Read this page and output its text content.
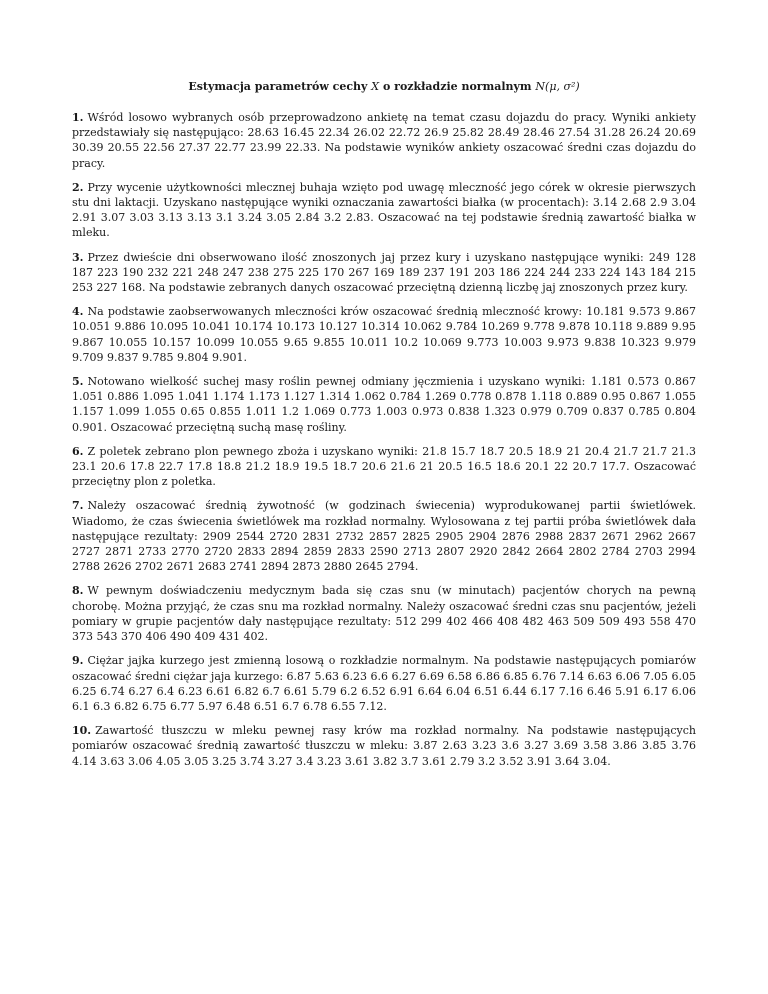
Estymacja parametrów cechy X o rozkładzie normalnym N(μ, σ²)

1. Wśród losowo wybranych osób przeprowadzono ankietę na temat czasu dojazdu do pracy. Wyniki ankiety przedstawiały się następująco: 28.63 16.45 22.34 26.02 22.72 26.9 25.82 28.49 28.46 27.54 31.28 26.24 20.69 30.39 20.55 22.56 27.37 22.77 23.99 22.33. Na podstawie wyników ankiety oszacować średni czas dojazdu do pracy.

2. Przy wycenie użytkowności mlecznej buhaja wzięto pod uwagę mleczność jego córek w okresie pierwszych stu dni laktacji. Uzyskano następujące wyniki oznaczania zawartości białka (w procentach): 3.14 2.68 2.9 3.04 2.91 3.07 3.03 3.13 3.13 3.1 3.24 3.05 2.84 3.2 2.83. Oszacować na tej podstawie średnią zawartość białka w mleku.

3. Przez dwieście dni obserwowano ilość znoszonych jaj przez kury i uzyskano następujące wyniki: 249 128 187 223 190 232 221 248 247 238 275 225 170 267 169 189 237 191 203 186 224 244 233 224 143 184 215 253 227 168. Na podstawie zebranych danych oszacować przeciętną dzienną liczbę jaj znoszonych przez kury.

4. Na podstawie zaobserwowanych mleczności krów oszacować średnią mleczność krowy: 10.181 9.573 9.867 10.051 9.886 10.095 10.041 10.174 10.173 10.127 10.314 10.062 9.784 10.269 9.778 9.878 10.118 9.889 9.95 9.867 10.055 10.157 10.099 10.055 9.65 9.855 10.011 10.2 10.069 9.773 10.003 9.973 9.838 10.323 9.979 9.709 9.837 9.785 9.804 9.901.

5. Notowano wielkość suchej masy roślin pewnej odmiany jęczmienia i uzyskano wyniki: 1.181 0.573 0.867 1.051 0.886 1.095 1.041 1.174 1.173 1.127 1.314 1.062 0.784 1.269 0.778 0.878 1.118 0.889 0.95 0.867 1.055 1.157 1.099 1.055 0.65 0.855 1.011 1.2 1.069 0.773 1.003 0.973 0.838 1.323 0.979 0.709 0.837 0.785 0.804 0.901. Oszacować przeciętną suchą masę rośliny.

6. Z poletek zebrano plon pewnego zboża i uzyskano wyniki: 21.8 15.7 18.7 20.5 18.9 21 20.4 21.7 21.7 21.3 23.1 20.6 17.8 22.7 17.8 18.8 21.2 18.9 19.5 18.7 20.6 21.6 21 20.5 16.5 18.6 20.1 22 20.7 17.7. Oszacować przeciętny plon z poletka.

7. Należy oszacować średnią żywotność (w godzinach świecenia) wyprodukowanej partii świetlówek. Wiadomo, że czas świecenia świetlówek ma rozkład normalny. Wylosowana z tej partii próba świetlówek dała następujące rezultaty: 2909 2544 2720 2831 2732 2857 2825 2905 2904 2876 2988 2837 2671 2962 2667 2727 2871 2733 2770 2720 2833 2894 2859 2833 2590 2713 2807 2920 2842 2664 2802 2784 2703 2994 2788 2626 2702 2671 2683 2741 2894 2873 2880 2645 2794.

8. W pewnym doświadczeniu medycznym bada się czas snu (w minutach) pacjentów chorych na pewną chorobę. Można przyjąć, że czas snu ma rozkład normalny. Należy oszacować średni czas snu pacjentów, jeżeli pomiary w grupie pacjentów dały następujące rezultaty: 512 299 402 466 408 482 463 509 509 493 558 470 373 543 370 406 490 409 431 402.

9. Ciężar jajka kurzego jest zmienną losową o rozkładzie normalnym. Na podstawie następujących pomiarów oszacować średni ciężar jaja kurzego: 6.87 5.63 6.23 6.6 6.27 6.69 6.58 6.86 6.85 6.76 7.14 6.63 6.06 7.05 6.05 6.25 6.74 6.27 6.4 6.23 6.61 6.82 6.7 6.61 5.79 6.2 6.52 6.91 6.64 6.04 6.51 6.44 6.17 7.16 6.46 5.91 6.17 6.06 6.1 6.3 6.82 6.75 6.77 5.97 6.48 6.51 6.7 6.78 6.55 7.12.

10. Zawartość tłuszczu w mleku pewnej rasy krów ma rozkład normalny. Na podstawie następujących pomiarów oszacować średnią zawartość tłuszczu w mleku: 3.87 2.63 3.23 3.6 3.27 3.69 3.58 3.86 3.85 3.76 4.14 3.63 3.06 4.05 3.05 3.25 3.74 3.27 3.4 3.23 3.61 3.82 3.7 3.61 2.79 3.2 3.52 3.91 3.64 3.04.
